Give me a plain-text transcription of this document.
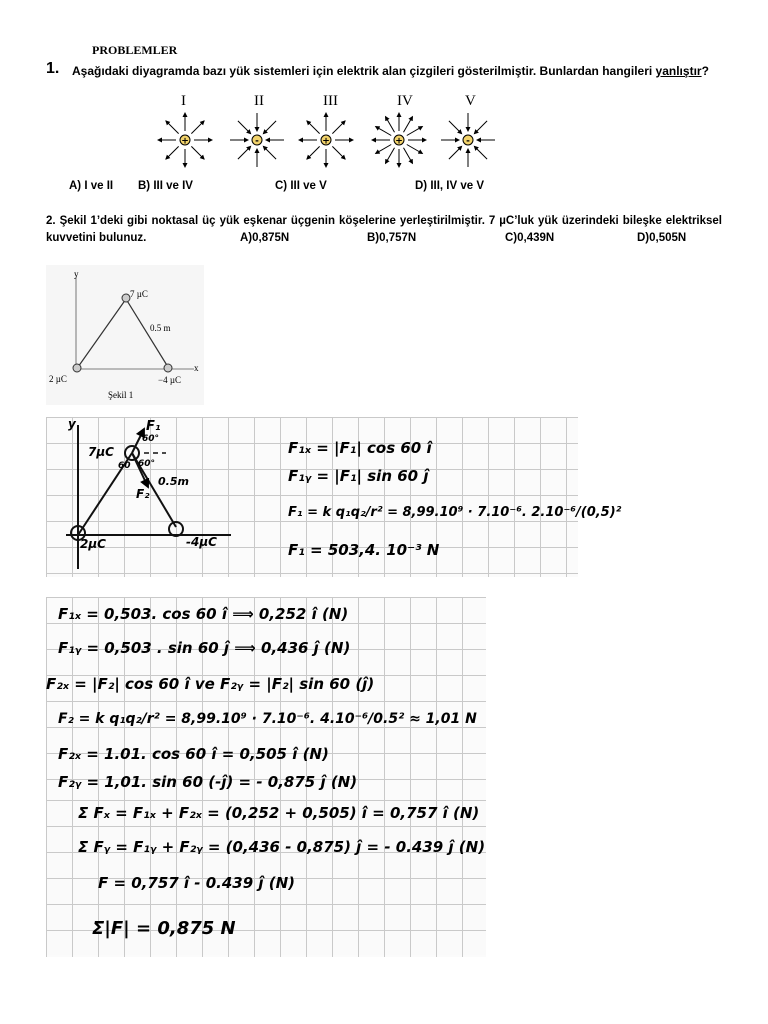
PROBLEMLER
1. Aşağıdaki diyagramda bazı yük sistemleri için elektrik alan çizgileri gösterilmiştir. Bunlardan hangileri yanlıştır?
I	II	III	IV	V
+	-	+	+	-
A) I ve II B) III ve IV	C) III ve V	D) III, IV ve V
2. Şekil 1’deki gibi noktasal üç yük eşkenar üçgenin köşelerine yerleştirilmiştir. 7 µC’luk yük üzerindeki bileşke elektriksel kuvvetini bulunuz.	A)0,875N	B)0,757N	C)0,439N	D)0,505N
y
x
7 µC
0.5 m
2 µC	−4 µC
Şekil 1
y
7µC
F₁
60°
60 60°
F₂
0.5m
2µC	-4µC
F₁ₓ = |F₁| cos 60 î
F₁ᵧ = |F₁| sin 60 ĵ
F₁ = k q₁q₂/r² = 8,99.10⁹ · 7.10⁻⁶. 2.10⁻⁶/(0,5)²
F₁ = 503,4. 10⁻³ N
F₁ₓ = 0,503. cos 60 î ⟹ 0,252 î (N)
F₁ᵧ = 0,503 . sin 60 ĵ ⟹ 0,436 ĵ (N)
F₂ₓ = |F₂| cos 60 î ve F₂ᵧ = |F₂| sin 60 (ĵ)
F₂ = k q₁q₂/r² = 8,99.10⁹ · 7.10⁻⁶. 4.10⁻⁶/0.5² ≈ 1,01 N
F₂ₓ = 1.01. cos 60 î = 0,505 î (N)
F₂ᵧ = 1,01. sin 60 (-ĵ) = - 0,875 ĵ (N)
Σ Fₓ = F₁ₓ + F₂ₓ = (0,252 + 0,505) î = 0,757 î (N)
Σ Fᵧ = F₁ᵧ + F₂ᵧ = (0,436 - 0,875) ĵ = - 0.439 ĵ (N)
F = 0,757 î - 0.439 ĵ (N)
Σ|F| = 0,875 N
